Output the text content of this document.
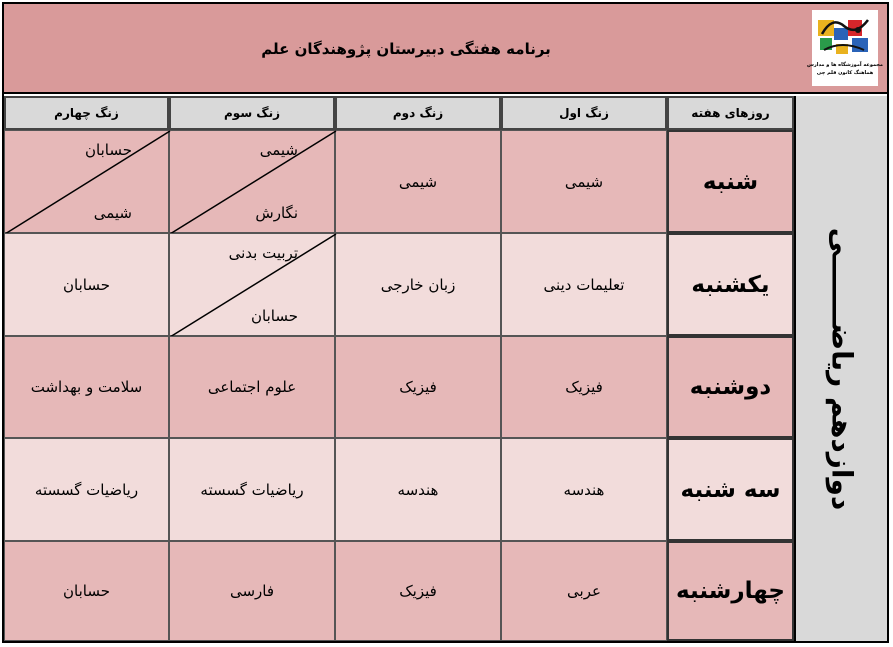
برنامه هفتگی دبیرستان پژوهندگان علم
مجموعه آموزشگاه ها و مدارس
هماهنگ کانون قلم چی
دوازدهم ریاضـــــــی
روزهای هفته
زنگ اول
زنگ دوم
زنگ سوم
زنگ چهارم
شنبه
شیمی
شیمی
شیمی
نگارش
حسابان
شیمی
یکشنبه
تعلیمات دینی
زبان خارجی
تربیت بدنی
حسابان
حسابان
دوشنبه
فیزیک
فیزیک
علوم اجتماعی
سلامت و بهداشت
سه شنبه
هندسه
هندسه
ریاضیات گسسته
ریاضیات گسسته
چهارشنبه
عربی
فیزیک
فارسی
حسابان
